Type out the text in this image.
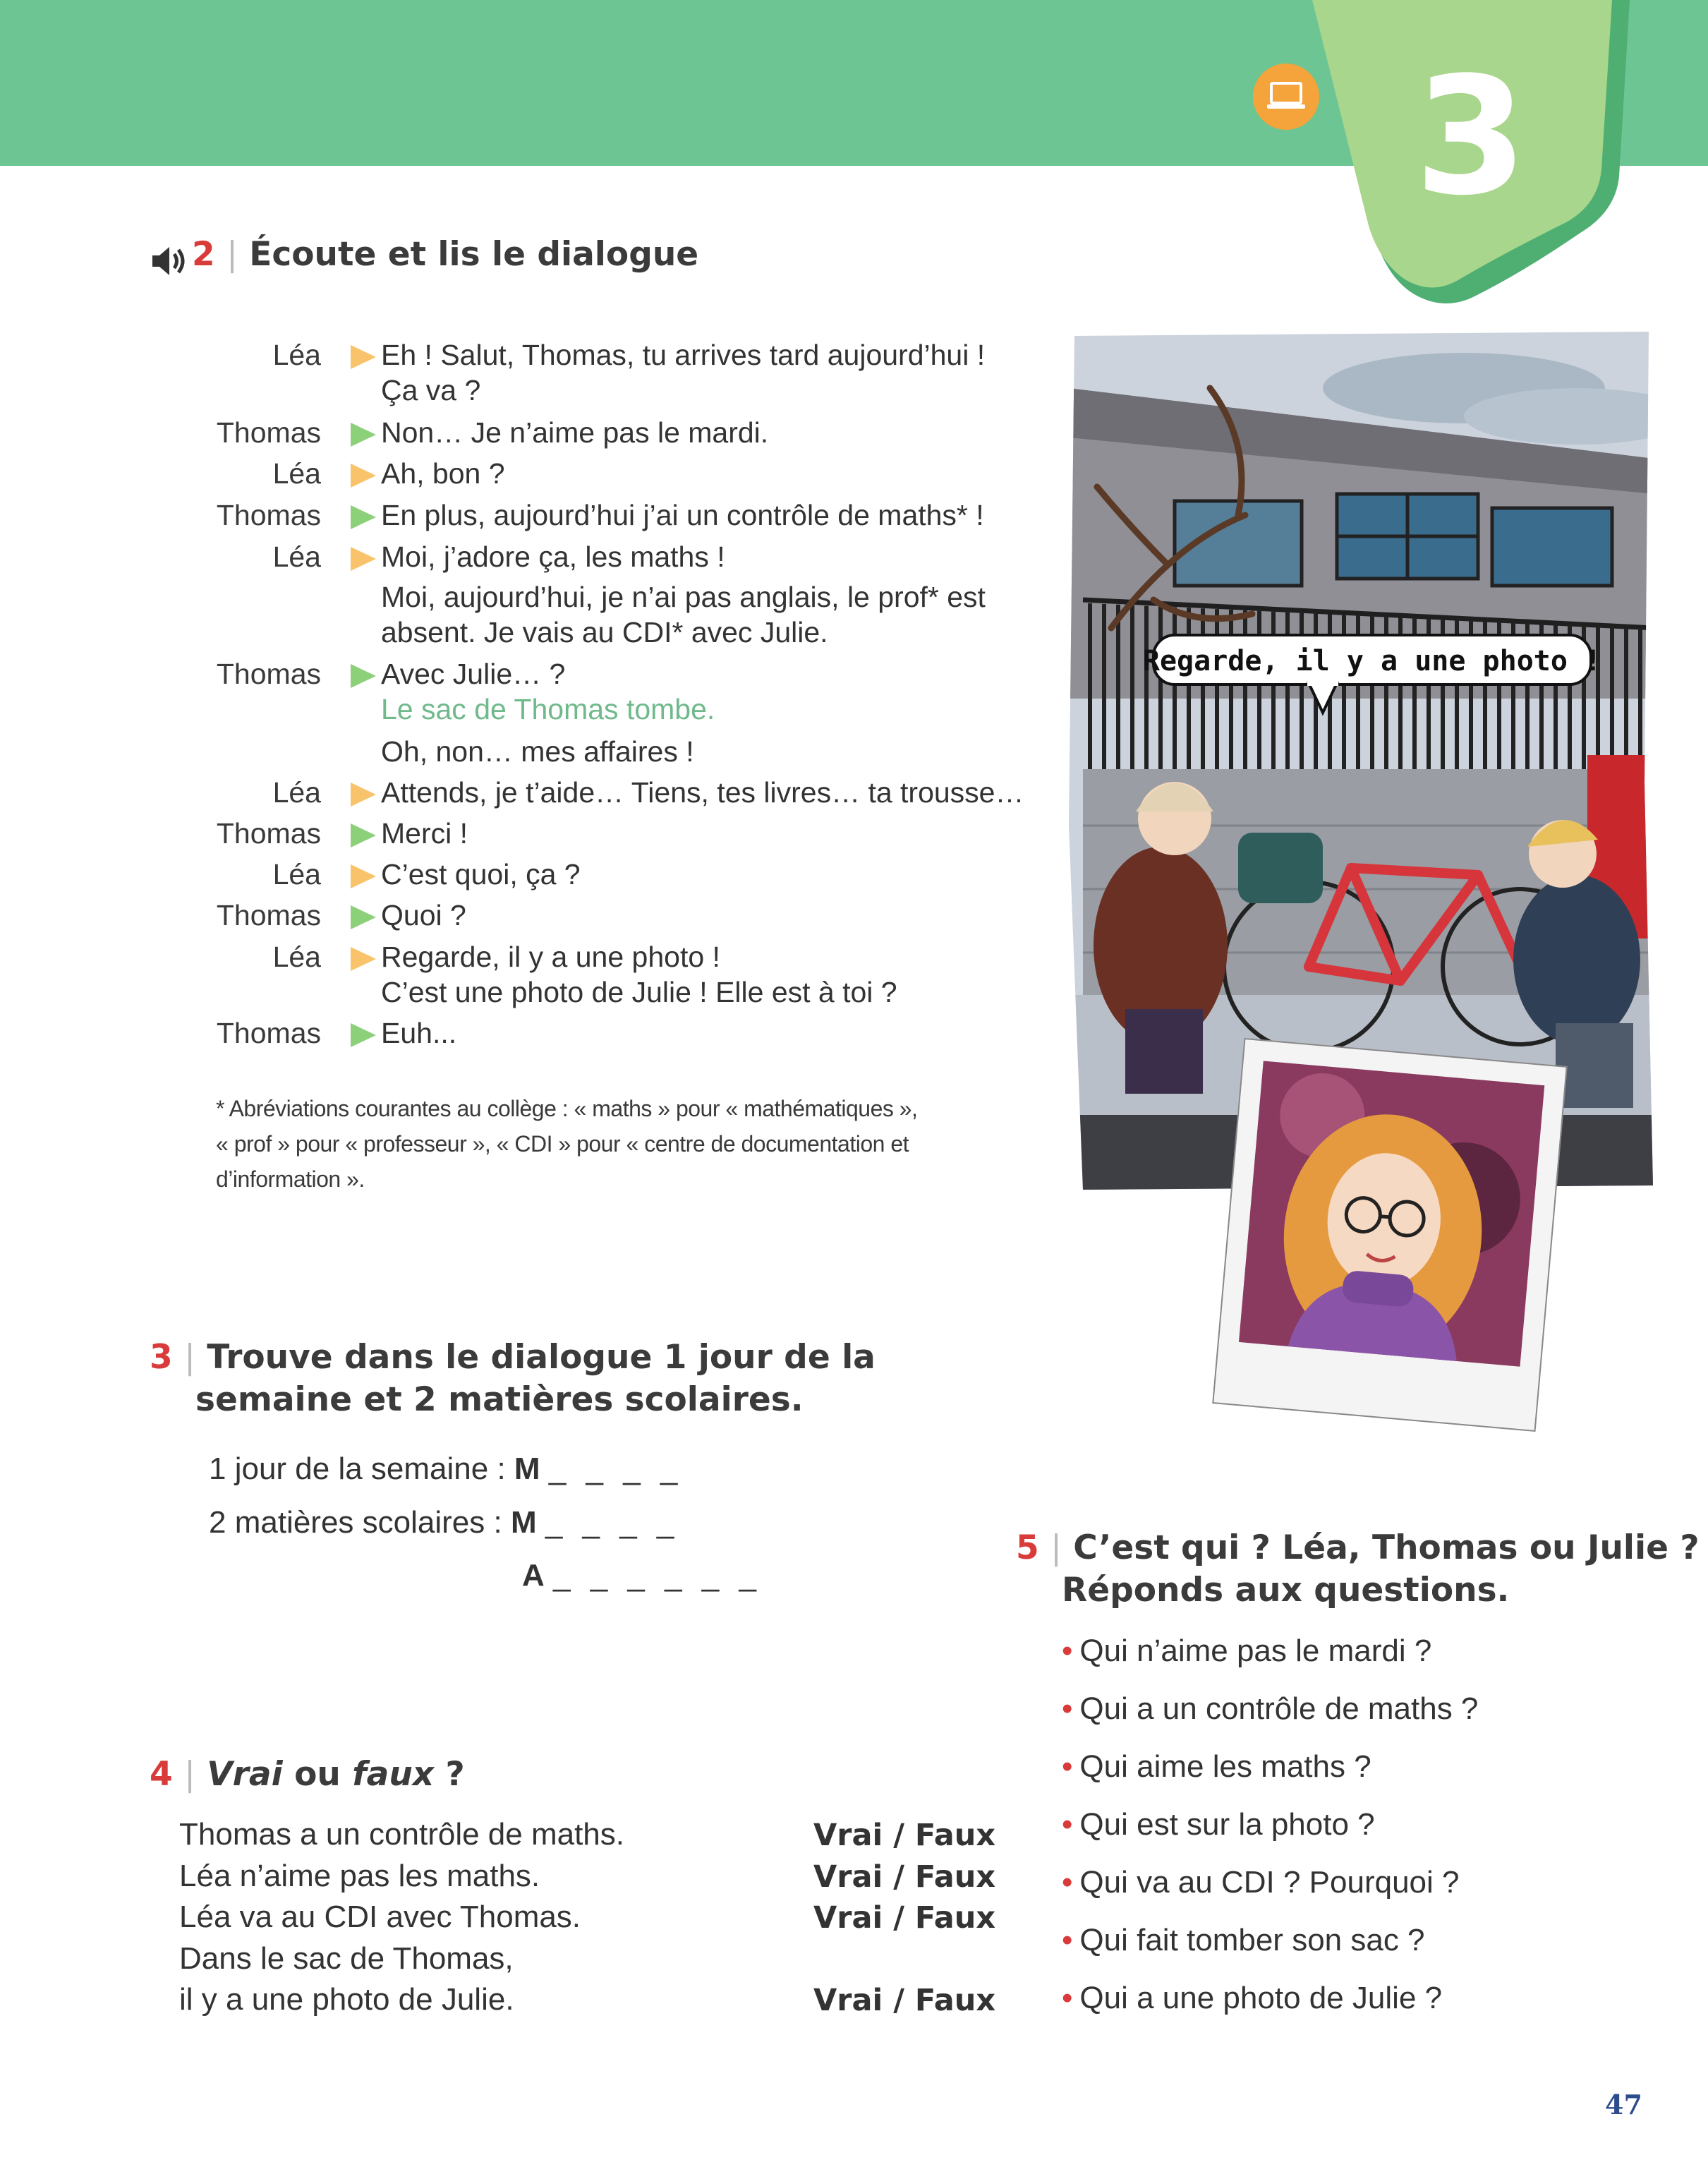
3
2 | Écoute et lis le dialogue
Léa Eh ! Salut, Thomas, tu arrives tard aujourd’hui !
Ça va ?
Thomas Non… Je n’aime pas le mardi.
Léa Ah, bon ?
Thomas En plus, aujourd’hui j’ai un contrôle de maths* !
Léa Moi, j’adore ça, les maths !
Moi, aujourd’hui, je n’ai pas anglais, le prof* est
absent. Je vais au CDI* avec Julie.
Thomas Avec Julie… ?
Le sac de Thomas tombe.
Oh, non… mes affaires !
Léa Attends, je t’aide… Tiens, tes livres… ta trousse…
Thomas Merci !
Léa C’est quoi, ça ?
Thomas Quoi ?
Léa Regarde, il y a une photo !
C’est une photo de Julie ! Elle est à toi ?
Thomas Euh...
* Abréviations courantes au collège : « maths » pour « mathématiques »,
« prof » pour « professeur », « CDI » pour « centre de documentation et
d’information ».
Regarde, il y a une photo !
3 | Trouve dans le dialogue 1 jour de la
semaine et 2 matières scolaires.
1 jour de la semaine : M _ _ _ _
2 matières scolaires : M _ _ _ _
A _ _ _ _ _ _
4 | Vrai ou faux ?
Thomas a un contrôle de maths.
Léa n’aime pas les maths.
Léa va au CDI avec Thomas.
Dans le sac de Thomas,
il y a une photo de Julie.
Vrai / Faux
Vrai / Faux
Vrai / Faux
Vrai / Faux
5 | C’est qui ? Léa, Thomas ou Julie ?
Réponds aux questions.
• Qui n’aime pas le mardi ?
• Qui a un contrôle de maths ?
• Qui aime les maths ?
• Qui est sur la photo ?
• Qui va au CDI ? Pourquoi ?
• Qui fait tomber son sac ?
• Qui a une photo de Julie ?
47
